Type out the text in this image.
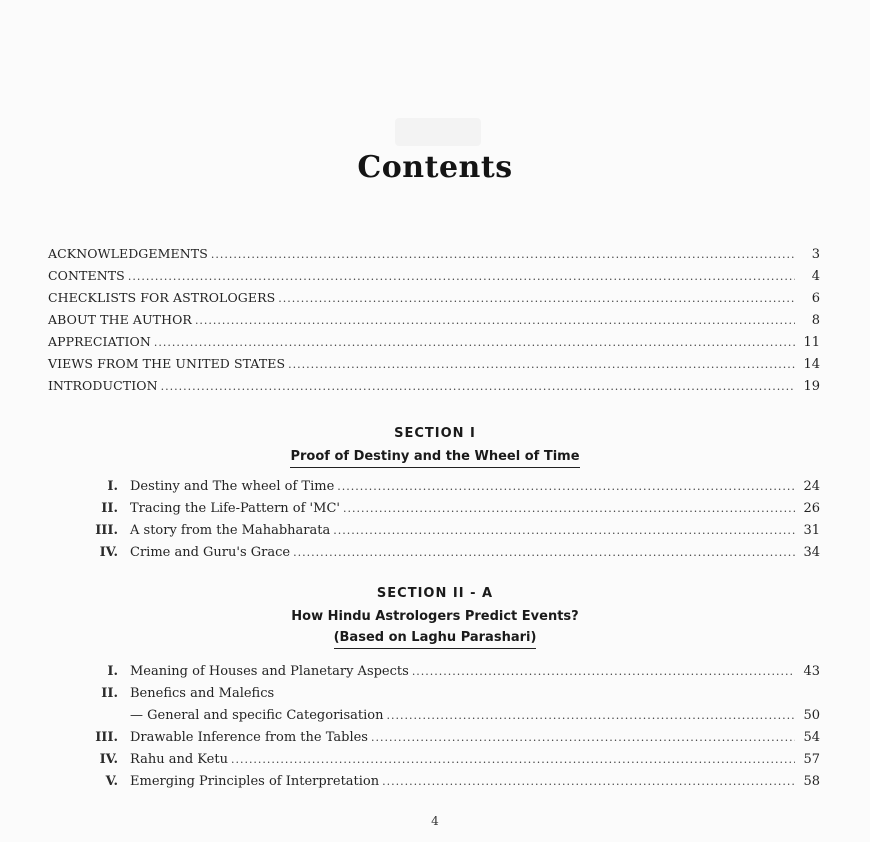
Contents
ACKNOWLEDGEMENTS .....	3
CONTENTS .....	4
CHECKLISTS FOR ASTROLOGERS .....	6
ABOUT THE AUTHOR .....	8
APPRECIATION .....	11
VIEWS FROM THE UNITED STATES .....	14
INTRODUCTION .....	19
SECTION I
Proof of Destiny and the Wheel of Time
I. Destiny and The wheel of Time .....	24
II. Tracing the Life-Pattern of 'MC' .....	26
III. A story from the Mahabharata .....	31
IV. Crime and Guru's Grace .....	34
SECTION II - A
How Hindu Astrologers Predict Events?
(Based on Laghu Parashari)
I. Meaning of Houses and Planetary Aspects .....	43
II. Benefics and Malefics
— General and specific Categorisation .....	50
III. Drawable Inference from the Tables .....	54
IV. Rahu and Ketu .....	57
V. Emerging Principles of Interpretation .....	58
4
